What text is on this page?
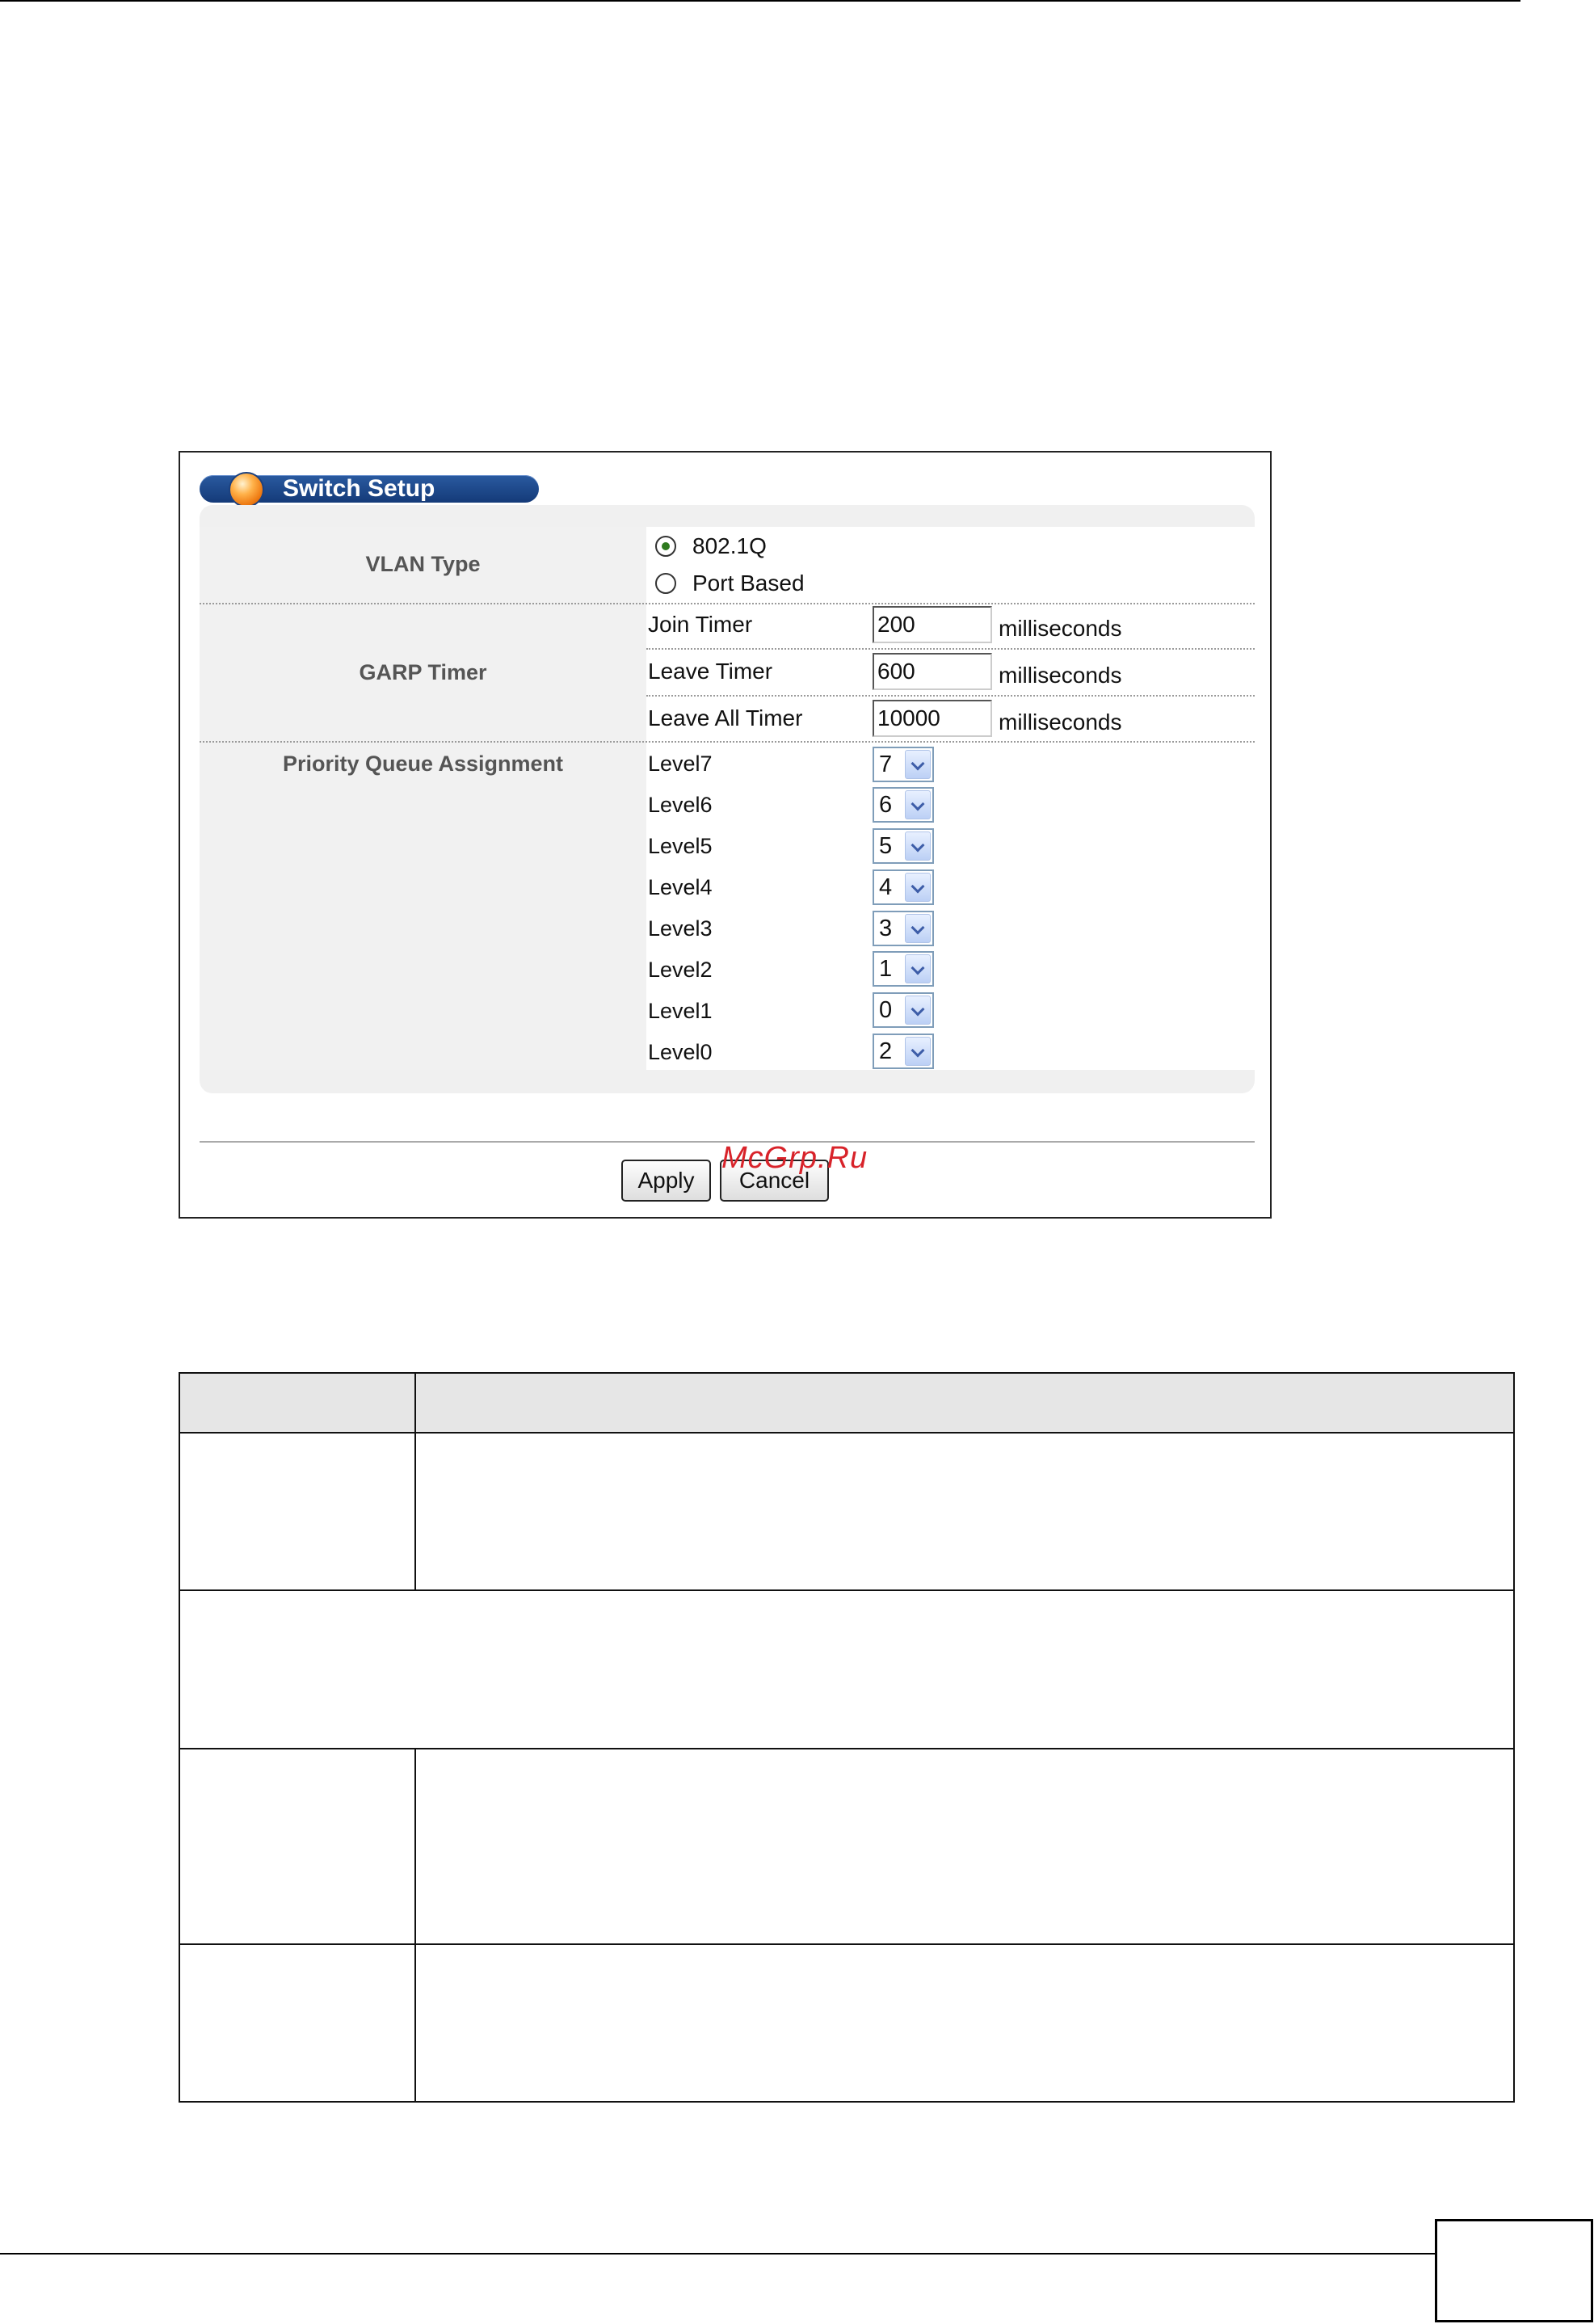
Switch Setup
VLAN Type
802.1Q
Port Based
GARP Timer
Join Timer	200	milliseconds
Leave Timer	600	milliseconds
Leave All Timer	10000	milliseconds
Priority Queue Assignment	Level7	7
Level6	6
Level5	5
Level4	4
Level3	3
Level2	1
Level1	0
Level0	2
Apply	Cancel
McGrp.Ru
